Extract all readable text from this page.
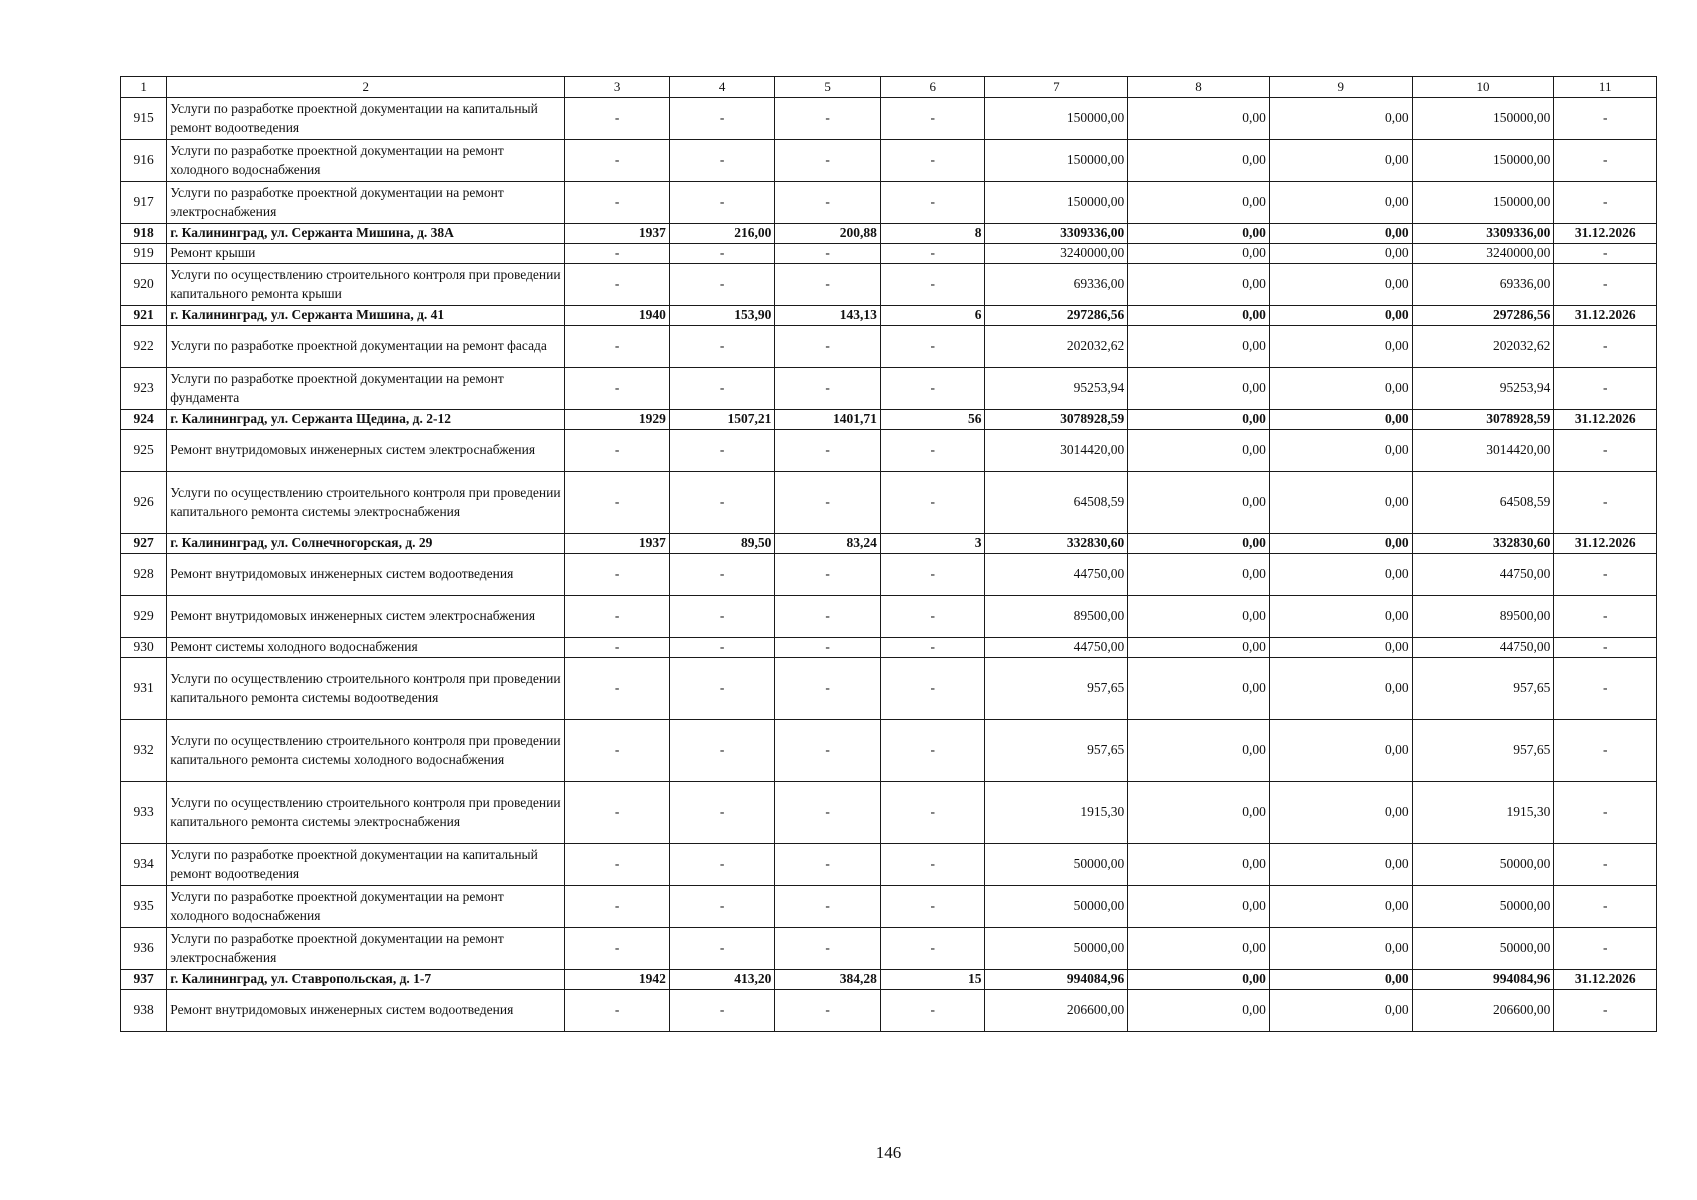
1	2	3	4	5	6	7	8	9	10	11
915	Услуги по разработке проектной документации на капитальный ремонт водоотведения	-	-	-	-	150000,00	0,00	0,00	150000,00	-
916	Услуги по разработке проектной документации на ремонт холодного водоснабжения	-	-	-	-	150000,00	0,00	0,00	150000,00	-
917	Услуги по разработке проектной документации на ремонт электроснабжения	-	-	-	-	150000,00	0,00	0,00	150000,00	-
918	г. Калининград, ул. Сержанта Мишина, д. 38А	1937	216,00	200,88	8	3309336,00	0,00	0,00	3309336,00	31.12.2026
919	Ремонт крыши	-	-	-	-	3240000,00	0,00	0,00	3240000,00	-
920	Услуги по осуществлению строительного контроля при проведении капитального ремонта крыши	-	-	-	-	69336,00	0,00	0,00	69336,00	-
921	г. Калининград, ул. Сержанта Мишина, д. 41	1940	153,90	143,13	6	297286,56	0,00	0,00	297286,56	31.12.2026
922	Услуги по разработке проектной документации на ремонт фасада	-	-	-	-	202032,62	0,00	0,00	202032,62	-
923	Услуги по разработке проектной документации на ремонт фундамента	-	-	-	-	95253,94	0,00	0,00	95253,94	-
924	г. Калининград, ул. Сержанта Щедина, д. 2-12	1929	1507,21	1401,71	56	3078928,59	0,00	0,00	3078928,59	31.12.2026
925	Ремонт внутридомовых инженерных систем электроснабжения	-	-	-	-	3014420,00	0,00	0,00	3014420,00	-
926	Услуги по осуществлению строительного контроля при проведении капитального ремонта системы электроснабжения	-	-	-	-	64508,59	0,00	0,00	64508,59	-
927	г. Калининград, ул. Солнечногорская, д. 29	1937	89,50	83,24	3	332830,60	0,00	0,00	332830,60	31.12.2026
928	Ремонт внутридомовых инженерных систем водоотведения	-	-	-	-	44750,00	0,00	0,00	44750,00	-
929	Ремонт внутридомовых инженерных систем электроснабжения	-	-	-	-	89500,00	0,00	0,00	89500,00	-
930	Ремонт системы холодного водоснабжения	-	-	-	-	44750,00	0,00	0,00	44750,00	-
931	Услуги по осуществлению строительного контроля при проведении капитального ремонта системы водоотведения	-	-	-	-	957,65	0,00	0,00	957,65	-
932	Услуги по осуществлению строительного контроля при проведении капитального ремонта системы холодного водоснабжения	-	-	-	-	957,65	0,00	0,00	957,65	-
933	Услуги по осуществлению строительного контроля при проведении капитального ремонта системы электроснабжения	-	-	-	-	1915,30	0,00	0,00	1915,30	-
934	Услуги по разработке проектной документации на капитальный ремонт водоотведения	-	-	-	-	50000,00	0,00	0,00	50000,00	-
935	Услуги по разработке проектной документации на ремонт холодного водоснабжения	-	-	-	-	50000,00	0,00	0,00	50000,00	-
936	Услуги по разработке проектной документации на ремонт электроснабжения	-	-	-	-	50000,00	0,00	0,00	50000,00	-
937	г. Калининград, ул. Ставропольская, д. 1-7	1942	413,20	384,28	15	994084,96	0,00	0,00	994084,96	31.12.2026
938	Ремонт внутридомовых инженерных систем водоотведения	-	-	-	-	206600,00	0,00	0,00	206600,00	-
146
